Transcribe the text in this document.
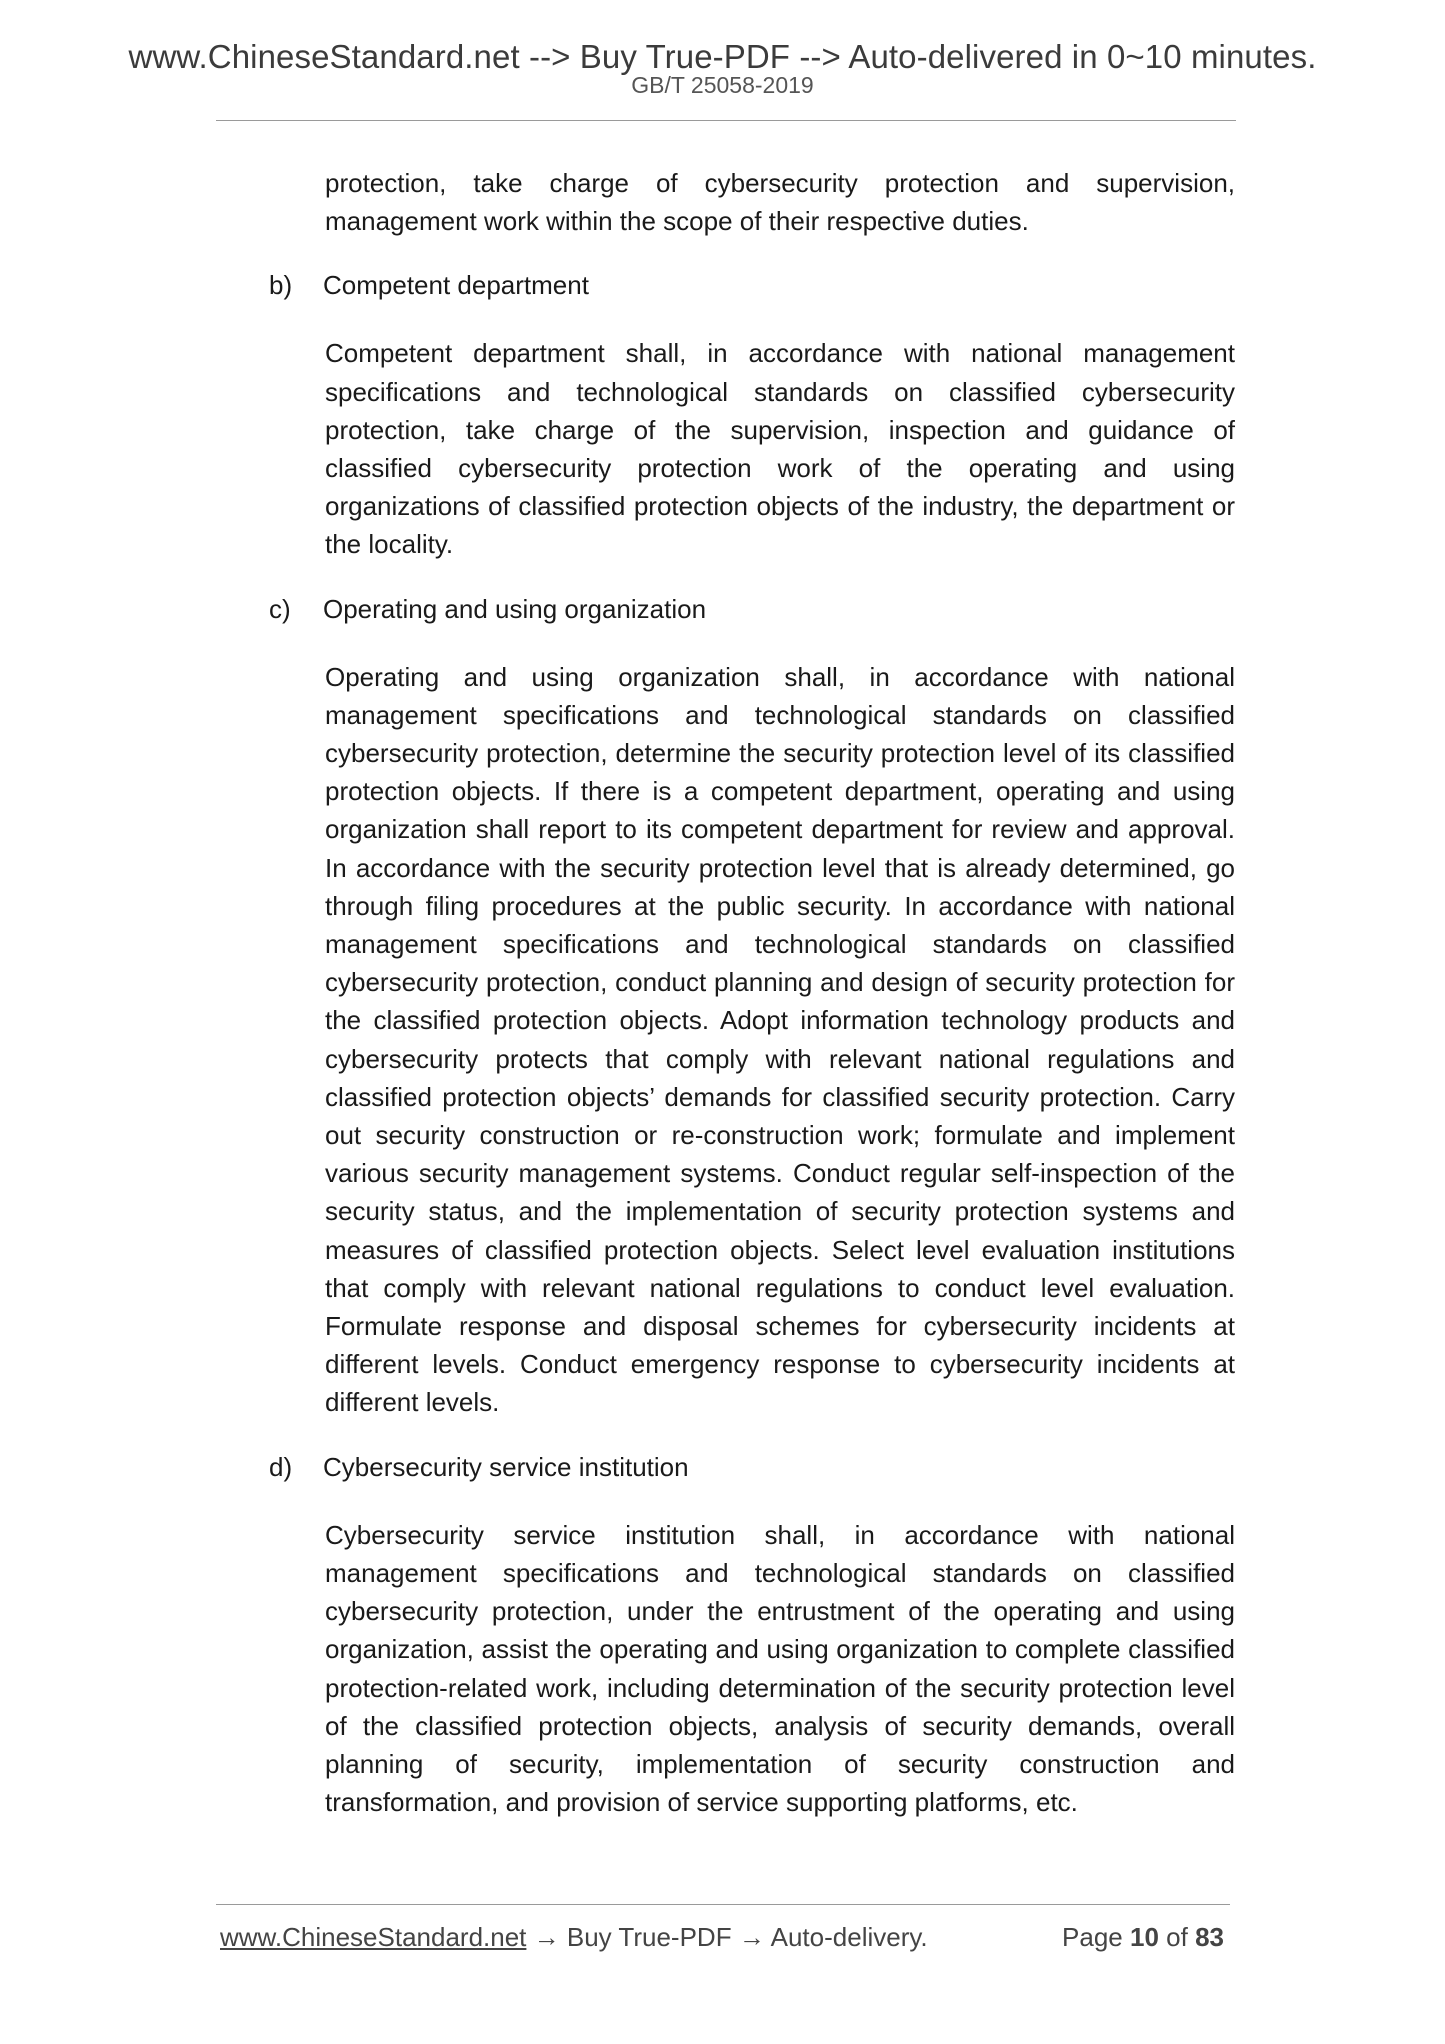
www.ChineseStandard.net --> Buy True-PDF --> Auto-delivered in 0~10 minutes.
GB/T 25058-2019

protection, take charge of cybersecurity protection and supervision, management work within the scope of their respective duties.

b) Competent department

Competent department shall, in accordance with national management specifications and technological standards on classified cybersecurity protection, take charge of the supervision, inspection and guidance of classified cybersecurity protection work of the operating and using organizations of classified protection objects of the industry, the department or the locality.

c) Operating and using organization

Operating and using organization shall, in accordance with national management specifications and technological standards on classified cybersecurity protection, determine the security protection level of its classified protection objects. If there is a competent department, operating and using organization shall report to its competent department for review and approval. In accordance with the security protection level that is already determined, go through filing procedures at the public security. In accordance with national management specifications and technological standards on classified cybersecurity protection, conduct planning and design of security protection for the classified protection objects. Adopt information technology products and cybersecurity protects that comply with relevant national regulations and classified protection objects’ demands for classified security protection. Carry out security construction or re-construction work; formulate and implement various security management systems. Conduct regular self-inspection of the security status, and the implementation of security protection systems and measures of classified protection objects. Select level evaluation institutions that comply with relevant national regulations to conduct level evaluation. Formulate response and disposal schemes for cybersecurity incidents at different levels. Conduct emergency response to cybersecurity incidents at different levels.

d) Cybersecurity service institution

Cybersecurity service institution shall, in accordance with national management specifications and technological standards on classified cybersecurity protection, under the entrustment of the operating and using organization, assist the operating and using organization to complete classified protection-related work, including determination of the security protection level of the classified protection objects, analysis of security demands, overall planning of security, implementation of security construction and transformation, and provision of service supporting platforms, etc.

www.ChineseStandard.net → Buy True-PDF → Auto-delivery.	Page 10 of 83
